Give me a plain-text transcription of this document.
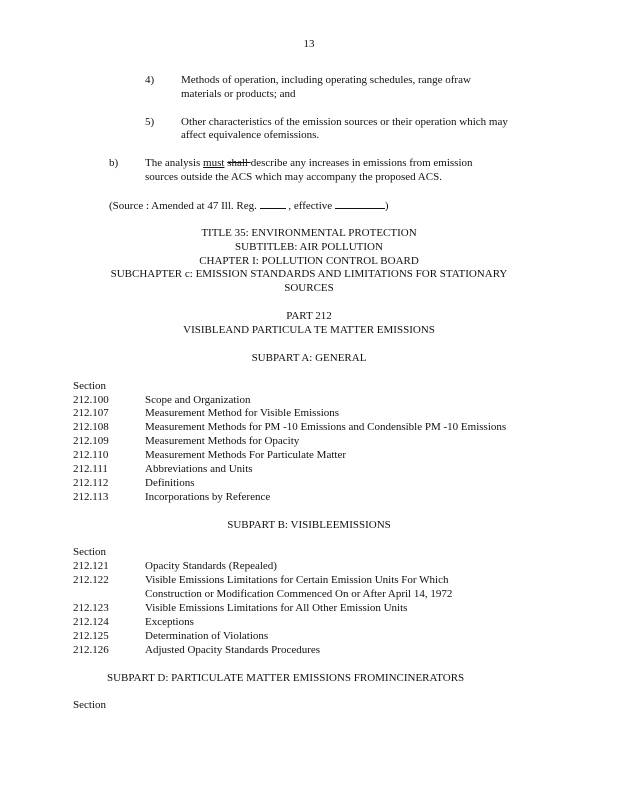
13
4) Methods of operation, including operating schedules, range ofraw
materials or products; and
5) Other characteristics of the emission sources or their operation which may
affect equivalence ofemissions.
b) The analysis must shall describe any increases in emissions from emission
sources outside the ACS which may accompany the proposed ACS.
(Source : Amended at 47 Ill. Reg.  , effective	)
TITLE 35: ENVIRONMENTAL PROTECTION
SUBTITLEB: AIR POLLUTION
CHAPTER I: POLLUTION CONTROL BOARD
SUBCHAPTER c: EMISSION STANDARDS AND LIMITATIONS FOR STATIONARY
SOURCES
PART 212
VISIBLEAND PARTICULA TE MATTER EMISSIONS
SUBPART A: GENERAL
Section
212.100	Scope and Organization
212.107	Measurement Method for Visible Emissions
212.108	Measurement Methods for PM -10 Emissions and Condensible PM -10 Emissions
212.109	Measurement Methods for Opacity
212.110	Measurement Methods For Particulate Matter
212.111	Abbreviations and Units
212.112	Definitions
212.113	Incorporations by Reference
SUBPART B: VISIBLEEMISSIONS
Section
212.121	Opacity Standards (Repealed)
212.122	Visible Emissions Limitations for Certain Emission Units For Which
Construction or Modification Commenced On or After April 14, 1972
212.123	Visible Emissions Limitations for All Other Emission Units
212.124	Exceptions
212.125	Determination of Violations
212.126	Adjusted Opacity Standards Procedures
SUBPART D: PARTICULATE MATTER EMISSIONS FROMINCINERATORS
Section
